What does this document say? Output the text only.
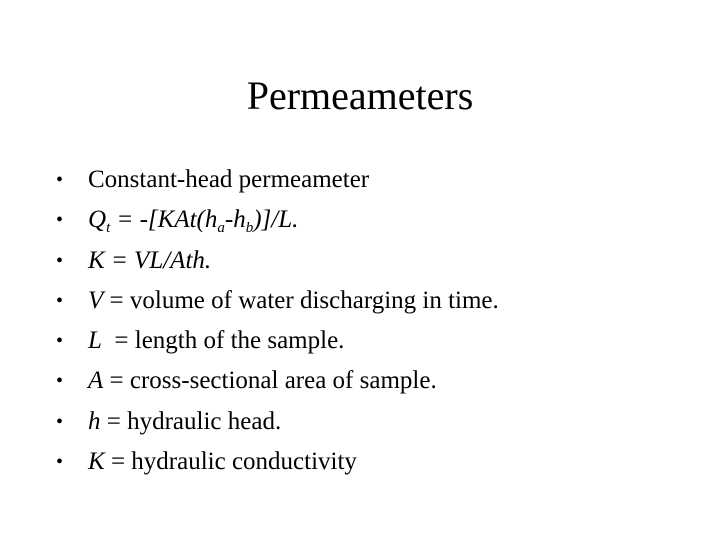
Permeameters
• Constant-head permeameter
• $Q_t = -[KAt(h_a-h_b)]/L$.
• K = VL/Ath.
• V = volume of water discharging in time.
• L  = length of the sample.
• A = cross-sectional area of sample.
• h = hydraulic head.
• K = hydraulic conductivity
